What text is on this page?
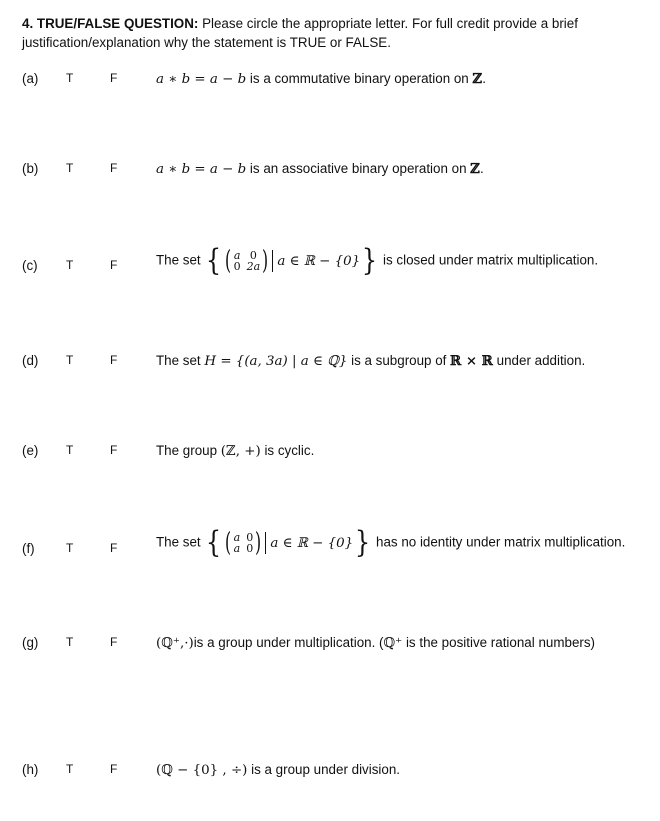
4. TRUE/FALSE QUESTION: Please circle the appropriate letter. For full credit provide a brief
justification/explanation why the statement is TRUE or FALSE.
(a) T	F	a ∗ b = a − b is a commutative binary operation on ℤ.
(b) T	F	a ∗ b = a − b is an associative binary operation on ℤ.
(c) T	F	The set { ( a 0
0 2a ) a ∈ ℝ − {0} } is closed under matrix multiplication.
(d) T	F	The set H = {(a, 3a) | a ∈ ℚ} is a subgroup of ℝ × ℝ under addition.
(e) T	F	The group (ℤ, +) is cyclic.
(f)	T	F	The set { ( a 0
a 0 ) a ∈ ℝ − {0} } has no identity under matrix multiplication.
(g) T	F	(ℚ⁺,·)is a group under multiplication. (ℚ⁺ is the positive rational numbers)
(h) T	F	(ℚ − {0} , ÷) is a group under division.
